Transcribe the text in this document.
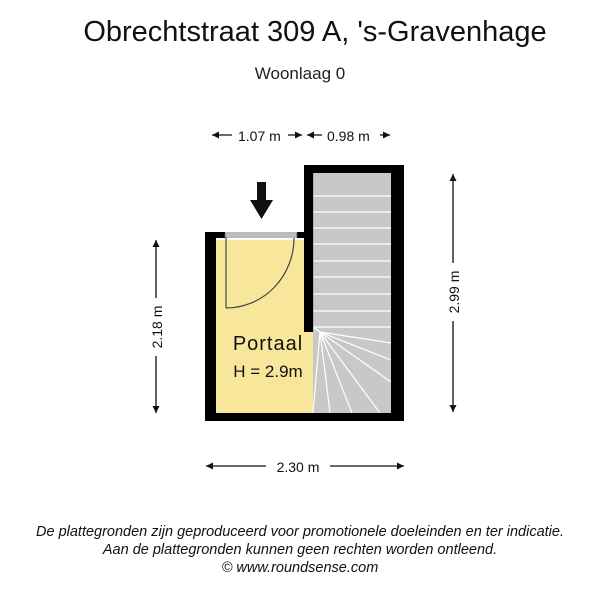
Obrechtstraat 309 A, 's-Gravenhage
Woonlaag 0
1.07 m	0.98 m
Portaal
H = 2.9m
2.18 m
2.99 m
2.30 m
De plattegronden zijn geproduceerd voor promotionele doeleinden en ter indicatie.
Aan de plattegronden kunnen geen rechten worden ontleend.
© www.roundsense.com
